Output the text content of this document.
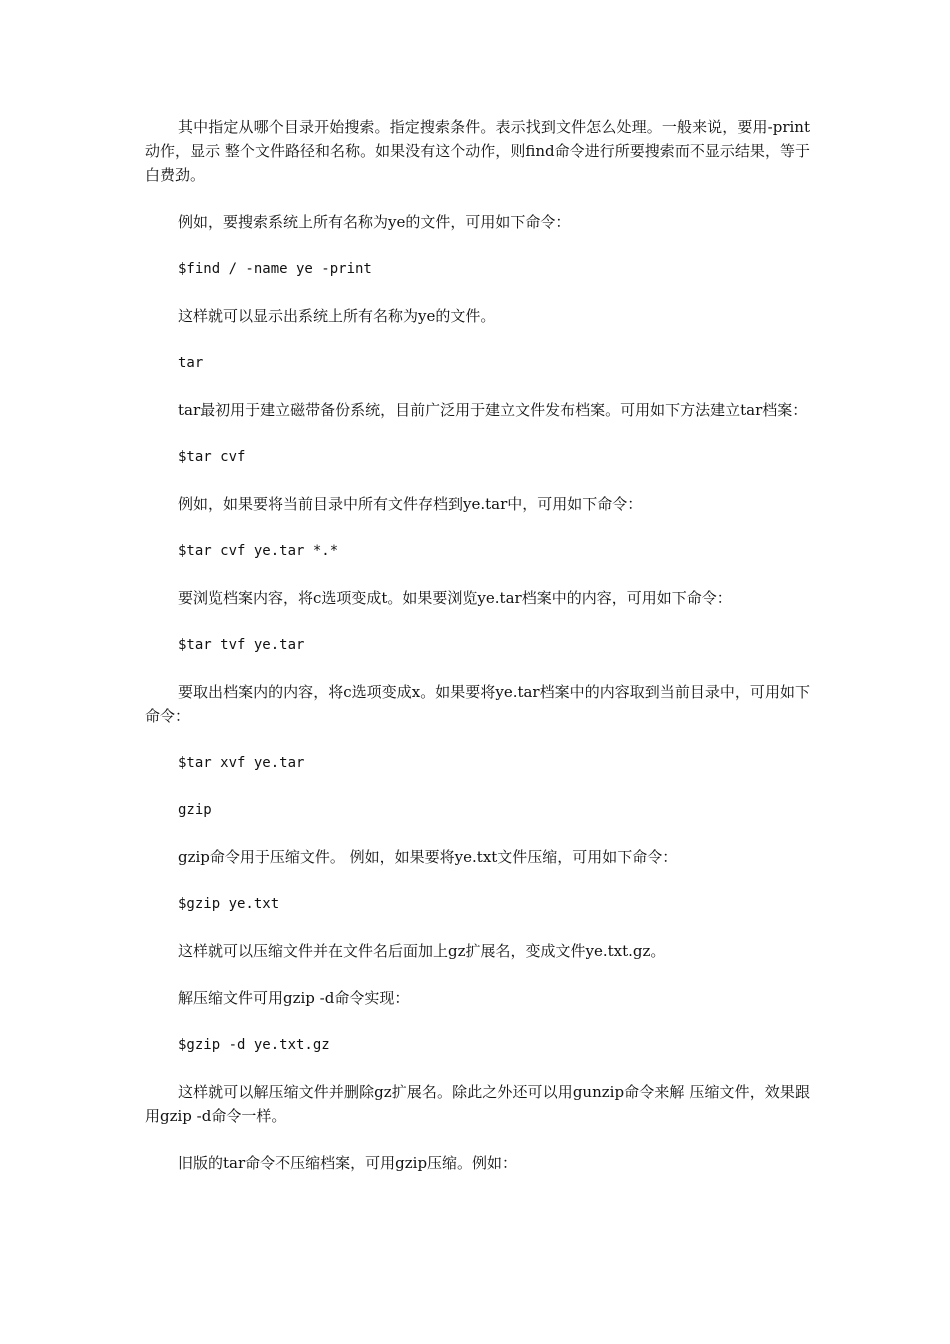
其中指定从哪个目录开始搜索。指定搜索条件。表示找到文件怎么处理。一般来说，要用-print动作，显示 整个文件路径和名称。如果没有这个动作，则find命令进行所要搜索而不显示结果，等于白费劲。

例如，要搜索系统上所有名称为ye的文件，可用如下命令：

$find / -name ye -print

这样就可以显示出系统上所有名称为ye的文件。

tar

tar最初用于建立磁带备份系统，目前广泛用于建立文件发布档案。可用如下方法建立tar档案：

$tar cvf

例如，如果要将当前目录中所有文件存档到ye.tar中，可用如下命令：

$tar cvf ye.tar *.*

要浏览档案内容，将c选项变成t。如果要浏览ye.tar档案中的内容，可用如下命令：

$tar tvf ye.tar

要取出档案内的内容，将c选项变成x。如果要将ye.tar档案中的内容取到当前目录中，可用如下命令：

$tar xvf ye.tar

gzip

gzip命令用于压缩文件。 例如，如果要将ye.txt文件压缩，可用如下命令：

$gzip ye.txt

这样就可以压缩文件并在文件名后面加上gz扩展名，变成文件ye.txt.gz。

解压缩文件可用gzip -d命令实现：

$gzip -d ye.txt.gz

这样就可以解压缩文件并删除gz扩展名。除此之外还可以用gunzip命令来解 压缩文件，效果跟用gzip -d命令一样。

旧版的tar命令不压缩档案，可用gzip压缩。例如：
